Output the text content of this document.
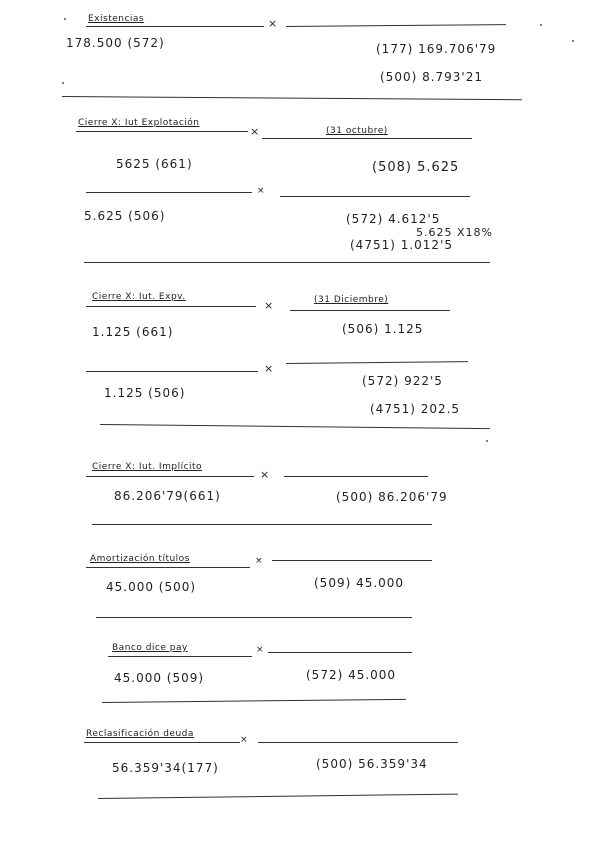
Existencias	×
178.500 (572)	(177) 169.706'79
(500) 8.793'21
Cierre X: Iut Explotación
×	(31 octubre)
5625 (661)	(508) 5.625
×
5.625 (506)	(572) 4.612'5
5.625 X18%
(4751) 1.012'5
Cierre X: Iut. Expv.
×	(31 Diciembre)
1.125 (661)	(506) 1.125
×
1.125 (506)
(572) 922'5
(4751) 202.5
Cierre X: Iut. Implícito
×
86.206'79(661)	(500) 86.206'79
Amortización títulos	×
45.000 (500)	(509) 45.000
Banco dice pay	×
45.000 (509)	(572) 45.000
Reclasificación deuda
×
56.359'34(177)	(500) 56.359'34
